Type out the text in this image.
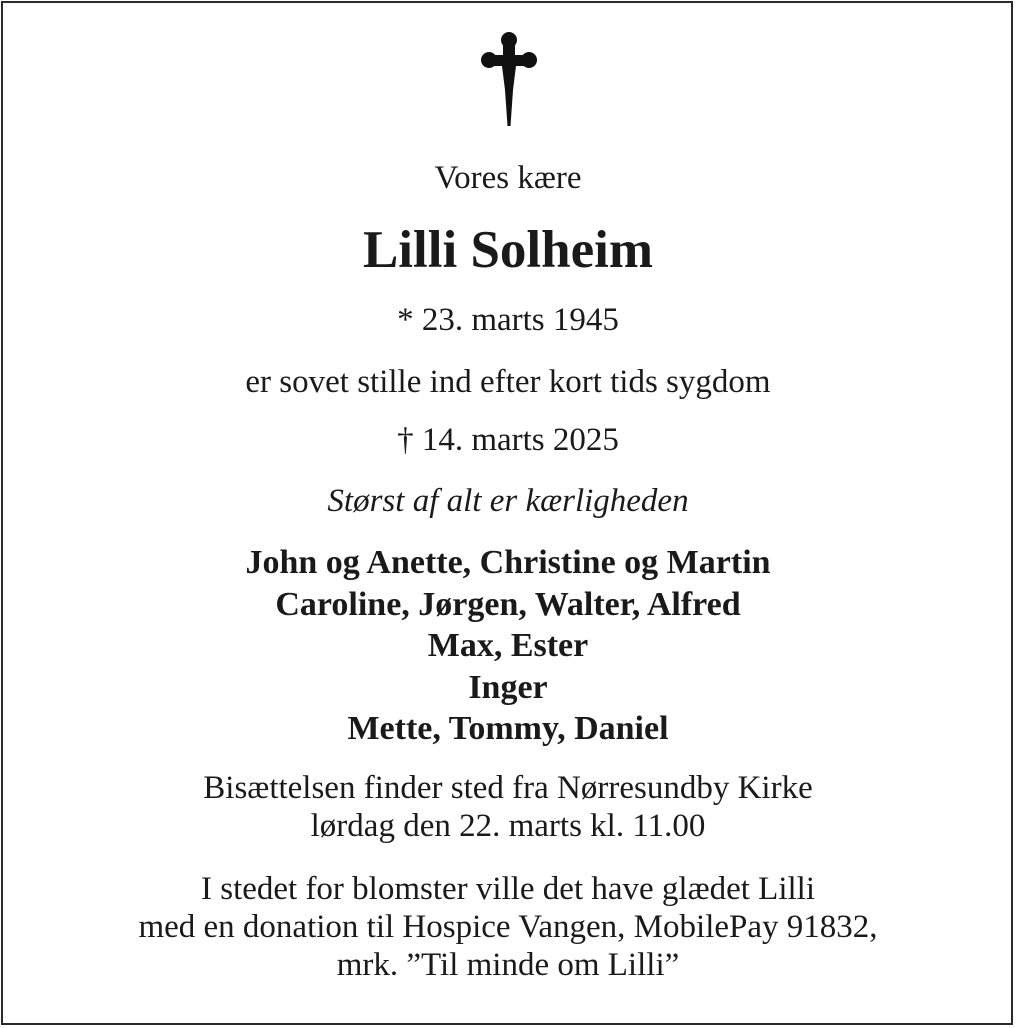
Vores kære
Lilli Solheim
* 23. marts 1945
er sovet stille ind efter kort tids sygdom
† 14. marts 2025
Størst af alt er kærligheden
John og Anette, Christine og Martin
Caroline, Jørgen, Walter, Alfred
Max, Ester
Inger
Mette, Tommy, Daniel
Bisættelsen finder sted fra Nørresundby Kirke
lørdag den 22. marts kl. 11.00
I stedet for blomster ville det have glædet Lilli
med en donation til Hospice Vangen, MobilePay 91832,
mrk. ”Til minde om Lilli”
